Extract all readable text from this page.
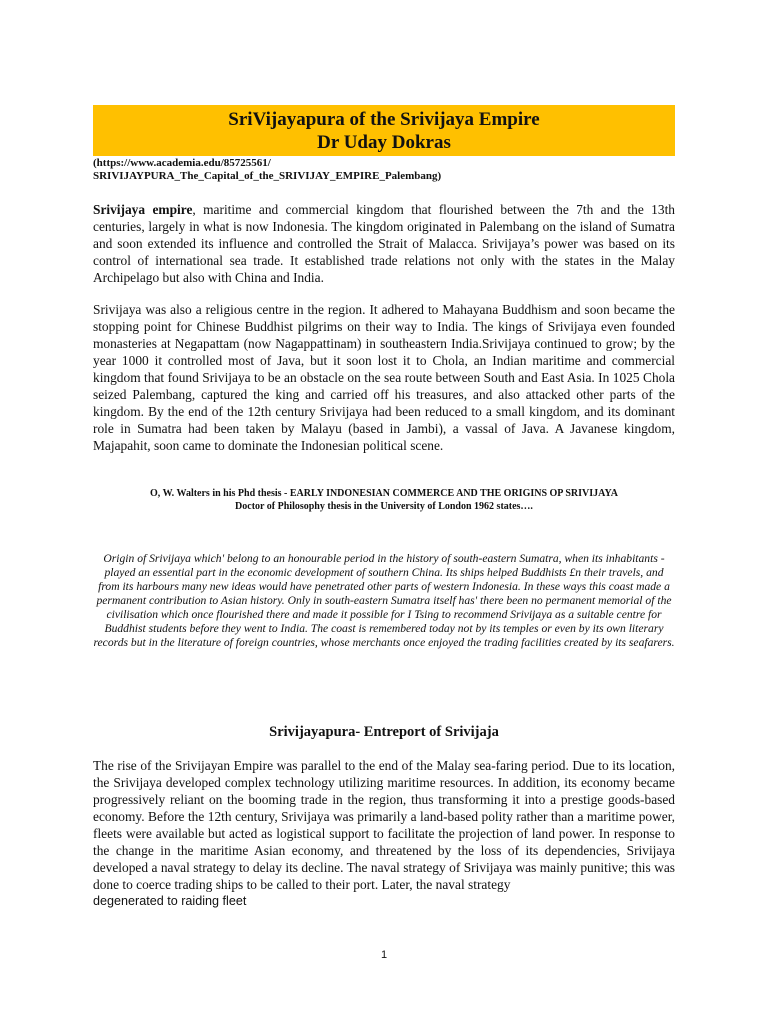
SriVijayapura of the Srivijaya Empire
Dr Uday Dokras
(https://www.academia.edu/85725561/
SRIVIJAYPURA_The_Capital_of_the_SRIVIJAY_EMPIRE_Palembang)

Srivijaya empire, maritime and commercial kingdom that flourished between the 7th and the 13th centuries, largely in what is now Indonesia. The kingdom originated in Palembang on the island of Sumatra and soon extended its influence and controlled the Strait of Malacca. Srivijaya’s power was based on its control of international sea trade. It established trade relations not only with the states in the Malay Archipelago but also with China and India.

Srivijaya was also a religious centre in the region. It adhered to Mahayana Buddhism and soon became the stopping point for Chinese Buddhist pilgrims on their way to India. The kings of Srivijaya even founded monasteries at Negapattam (now Nagappattinam) in southeastern India.Srivijaya continued to grow; by the year 1000 it controlled most of Java, but it soon lost it to Chola, an Indian maritime and commercial kingdom that found Srivijaya to be an obstacle on the sea route between South and East Asia. In 1025 Chola seized Palembang, captured the king and carried off his treasures, and also attacked other parts of the kingdom. By the end of the 12th century Srivijaya had been reduced to a small kingdom, and its dominant role in Sumatra had been taken by Malayu (based in Jambi), a vassal of Java. A Javanese kingdom, Majapahit, soon came to dominate the Indonesian political scene.

O, W. Walters in his Phd thesis - EARLY INDONESIAN COMMERCE AND THE ORIGINS OP SRIVIJAYA
Doctor of Philosophy thesis in the University of London 1962 states….

Origin of Srivijaya which' belong to an honourable period in the history of south-eastern Sumatra, when its inhabitants -played an essential part in the economic development of southern China. Its ships helped Buddhists £n their travels, and from its harbours many new ideas would have penetrated other parts of western Indonesia. In these ways this coast made a permanent contribution to Asian history. Only in south-eastern Sumatra itself has' there been no permanent memorial of the civilisation which once flourished there and made it possible for I Tsing to recommend Srivijaya as a suitable centre for Buddhist students before they went to India. The coast is remembered today not by its temples or even by its own literary records but in the literature of foreign countries, whose merchants once enjoyed the trading facilities created by its seafarers.

Srivijayapura- Entreport of Srivijaja

The rise of the Srivijayan Empire was parallel to the end of the Malay sea-faring period. Due to its location, the Srivijaya developed complex technology utilizing maritime resources. In addition, its economy became progressively reliant on the booming trade in the region, thus transforming it into a prestige goods-based economy. Before the 12th century, Srivijaya was primarily a land-based polity rather than a maritime power, fleets were available but acted as logistical support to facilitate the projection of land power. In response to the change in the maritime Asian economy, and threatened by the loss of its dependencies, Srivijaya developed a naval strategy to delay its decline. The naval strategy of Srivijaya was mainly punitive; this was done to coerce trading ships to be called to their port. Later, the naval strategy
degenerated to raiding fleet

1
